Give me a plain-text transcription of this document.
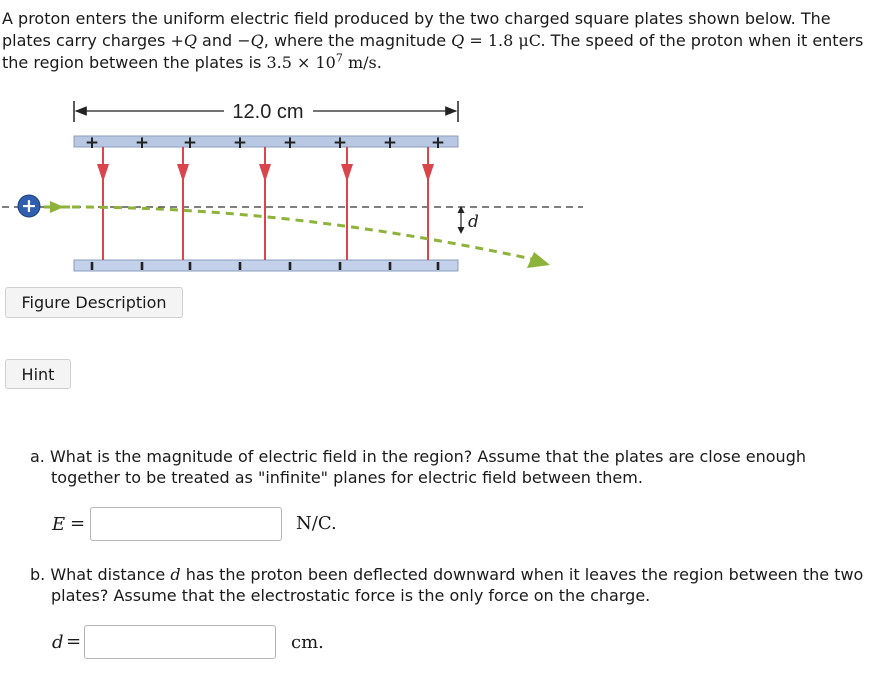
A proton enters the uniform electric field produced by the two charged square plates shown below. The plates carry charges +Q and −Q, where the magnitude Q = 1.8 μC. The speed of the proton when it enters the region between the plates is $3.5 \times 10^7$ m/s.

12.0 cm
+ + + + + + + +
+
d
Figure Description
Hint

a. What is the magnitude of electric field in the region? Assume that the plates are close enough
together to be treated as "infinite" planes for electric field between them.

E =	N/C.

b. What distance d has the proton been deflected downward when it leaves the region between the two
plates? Assume that the electrostatic force is the only force on the charge.

d =	cm.
